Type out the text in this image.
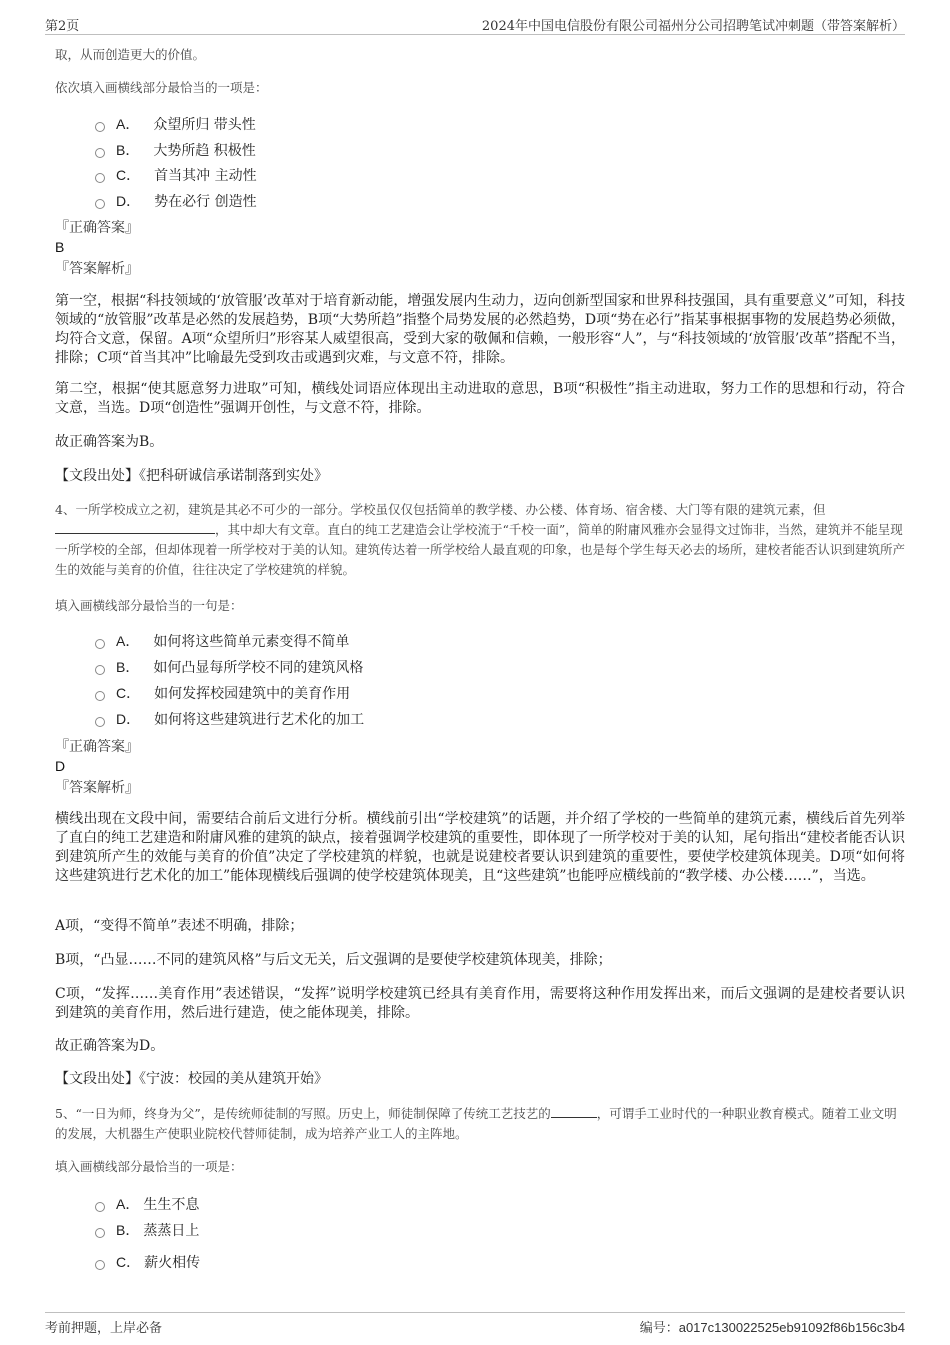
第2页	2024年中国电信股份有限公司福州分公司招聘笔试冲刺题（带答案解析）
取，从而创造更大的价值。
依次填入画横线部分最恰当的一项是：
A． 众望所归 带头性
B． 大势所趋 积极性
C． 首当其冲 主动性
D． 势在必行 创造性
『正确答案』
B
『答案解析』
第一空，根据“科技领域的‘放管服’改革对于培育新动能，增强发展内生动力，迈向创新型国家和世界科技强国，具有重要意义”可知，科技领域的“放管服”改革是必然的发展趋势，B项“大势所趋”指整个局势发展的必然趋势，D项“势在必行”指某事根据事物的发展趋势必须做，均符合文意，保留。A项“众望所归”形容某人威望很高，受到大家的敬佩和信赖，一般形容“人”，与“科技领域的‘放管服’改革”搭配不当，排除；C项“首当其冲”比喻最先受到攻击或遇到灾难，与文意不符，排除。
第二空，根据“使其愿意努力进取”可知，横线处词语应体现出主动进取的意思，B项“积极性”指主动进取，努力工作的思想和行动，符合文意，当选。D项“创造性”强调开创性，与文意不符，排除。
故正确答案为B。
【文段出处】《把科研诚信承诺制落到实处》
4、一所学校成立之初，建筑是其必不可少的一部分。学校虽仅仅包括简单的教学楼、办公楼、体育场、宿舍楼、大门等有限的建筑元素，但，其中却大有文章。直白的纯工艺建造会让学校流于“千校一面”，简单的附庸风雅亦会显得文过饰非，当然，建筑并不能呈现一所学校的全部，但却体现着一所学校对于美的认知。建筑传达着一所学校给人最直观的印象，也是每个学生每天必去的场所，建校者能否认识到建筑所产生的效能与美育的价值，往往决定了学校建筑的样貌。
填入画横线部分最恰当的一句是：
A． 如何将这些简单元素变得不简单
B． 如何凸显每所学校不同的建筑风格
C． 如何发挥校园建筑中的美育作用
D． 如何将这些建筑进行艺术化的加工
『正确答案』
D
『答案解析』
横线出现在文段中间，需要结合前后文进行分析。横线前引出“学校建筑”的话题，并介绍了学校的一些简单的建筑元素，横线后首先列举了直白的纯工艺建造和附庸风雅的建筑的缺点，接着强调学校建筑的重要性，即体现了一所学校对于美的认知，尾句指出“建校者能否认识到建筑所产生的效能与美育的价值”决定了学校建筑的样貌，也就是说建校者要认识到建筑的重要性，要使学校建筑体现美。D项“如何将这些建筑进行艺术化的加工”能体现横线后强调的使学校建筑体现美，且“这些建筑”也能呼应横线前的“教学楼、办公楼……”，当选。
A项，“变得不简单”表述不明确，排除；
B项，“凸显……不同的建筑风格”与后文无关，后文强调的是要使学校建筑体现美，排除；
C项，“发挥……美育作用”表述错误，“发挥”说明学校建筑已经具有美育作用，需要将这种作用发挥出来，而后文强调的是建校者要认识到建筑的美育作用，然后进行建造，使之能体现美，排除。
故正确答案为D。
【文段出处】《宁波：校园的美从建筑开始》
5、“一日为师，终身为父”，是传统师徒制的写照。历史上，师徒制保障了传统工艺技艺的	，可谓手工业时代的一种职业教育模式。随着工业文明的发展，大机器生产使职业院校代替师徒制，成为培养产业工人的主阵地。
填入画横线部分最恰当的一项是：
A． 生生不息
B． 蒸蒸日上
C． 薪火相传
考前押题，上岸必备	编号：a017c130022525eb91092f86b156c3b4
